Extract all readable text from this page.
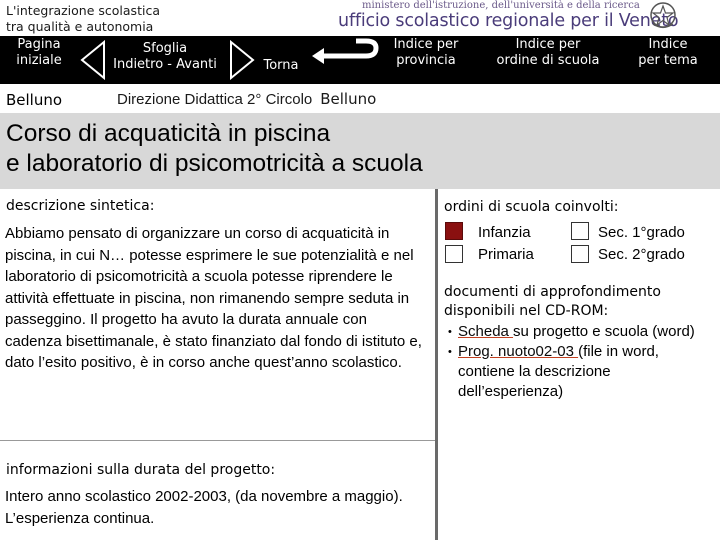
L'integrazione scolastica
tra qualità e autonomia
ministero dell'istruzione, dell'università e della ricerca
ufficio scolastico regionale per il Veneto
Pagina
iniziale
Sfoglia
Indietro - Avanti	Torna
Indice per
provincia
Indice per
ordine di scuola
Indice
per tema
Belluno	Direzione Didattica 2° Circolo Belluno
Corso di acquaticità in piscina
e laboratorio di psicomotricità a scuola
descrizione sintetica:
Abbiamo pensato di organizzare un corso di acquaticità in piscina, in cui N… potesse esprimere le sue potenzialità e nel laboratorio di psicomotricità a scuola potesse riprendere le attività effettuate in piscina, non rimanendo sempre seduta in passeggino. Il progetto ha avuto la durata annuale con cadenza bisettimanale, è stato finanziato dal fondo di istituto e, dato l’esito positivo, è in corso anche quest’anno scolastico.
informazioni sulla durata del progetto:
Intero anno scolastico 2002-2003, (da novembre a maggio). L’esperienza continua.
ordini di scuola coinvolti:
Infanzia	Sec. 1°grado
Primaria	Sec. 2°grado
documenti di approfondimento
disponibili nel CD-ROM:
• Scheda su progetto e scuola (word)
• Prog. nuoto02-03 (file in word, contiene la descrizione dell’esperienza)
